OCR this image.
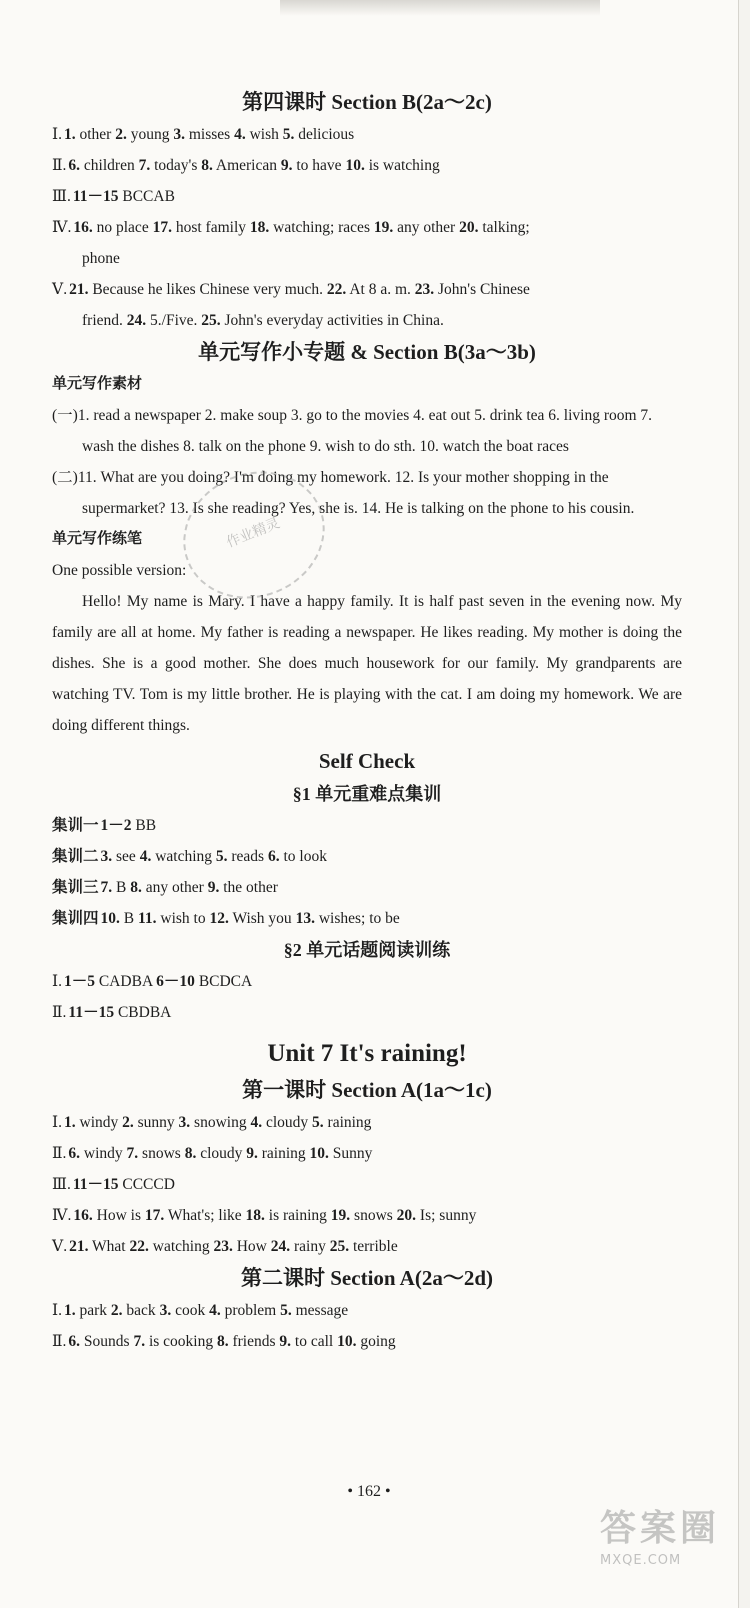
第四课时 Section B(2a～2c)
Ⅰ. 1. other 2. young 3. misses 4. wish 5. delicious
Ⅱ. 6. children 7. today's 8. American 9. to have 10. is watching
Ⅲ. 11－15 BCCAB
Ⅳ. 16. no place 17. host family 18. watching; races 19. any other 20. talking;
phone
Ⅴ. 21. Because he likes Chinese very much. 22. At 8 a. m. 23. John's Chinese
friend. 24. 5./Five. 25. John's everyday activities in China.
单元写作小专题 & Section B(3a～3b)
单元写作素材
(一)1. read a newspaper 2. make soup 3. go to the movies 4. eat out 5. drink tea 6. living room 7. wash the dishes 8. talk on the phone 9. wish to do sth. 10. watch the boat races
(二)11. What are you doing? I'm doing my homework. 12. Is your mother shopping in the supermarket? 13. Is she reading? Yes, she is. 14. He is talking on the phone to his cousin.
单元写作练笔
One possible version:
Hello! My name is Mary. I have a happy family. It is half past seven in the evening now. My family are all at home. My father is reading a newspaper. He likes reading. My mother is doing the dishes. She is a good mother. She does much housework for our family. My grandparents are watching TV. Tom is my little brother. He is playing with the cat. I am doing my homework. We are doing different things.
Self Check
§1 单元重难点集训
集训一 1－2 BB
集训二 3. see 4. watching 5. reads 6. to look
集训三 7. B 8. any other 9. the other
集训四 10. B 11. wish to 12. Wish you 13. wishes; to be
§2 单元话题阅读训练
Ⅰ. 1－5 CADBA 6－10 BCDCA
Ⅱ. 11－15 CBDBA
Unit 7 It's raining!
第一课时 Section A(1a～1c)
Ⅰ. 1. windy 2. sunny 3. snowing 4. cloudy 5. raining
Ⅱ. 6. windy 7. snows 8. cloudy 9. raining 10. Sunny
Ⅲ. 11－15 CCCCD
Ⅳ. 16. How is 17. What's; like 18. is raining 19. snows 20. Is; sunny
Ⅴ. 21. What 22. watching 23. How 24. rainy 25. terrible
第二课时 Section A(2a～2d)
Ⅰ. 1. park 2. back 3. cook 4. problem 5. message
Ⅱ. 6. Sounds 7. is cooking 8. friends 9. to call 10. going
• 162 •
作业精灵
答案圈
MXQE.COM
